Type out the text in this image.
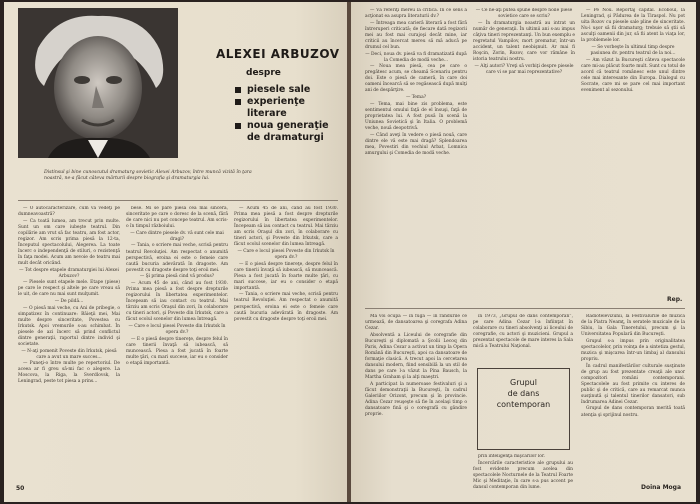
ALEXEI ARBUZOV
despre
piesele sale
experienţe literare
noua generaţie
de dramaturgi
Distinsul şi bine cunoscutul dramaturg sovietic Alexei Arbuzov, între muncă vizită în ţara noastră, ne-a făcut câteva mărturii despre biografia şi dramaturgia lui.

— O autocaracterizare, cum vă vedeţi pe dumneavoastră?

— Ca toată lumea, am trecut prin multe. Sunt un om care iubeşte teatrul. Din copilărie am vrut să fac teatru, am fost actor, regizor. Am scris prima piesă la 12-ta, Începutul spectacolului, Alegerea. La toate încerc o independenţă de stiluri, o rezistenţă în faţa modei. Acum am nevoie de teatru mai mult decât oricând.

— Tot despre etapele dramaturgiei lui Alexei Arbuzov?

— Piesele sunt etapele mele. Etape (piese) pe care le respect şi altele pe care vreau să le uit, de care nu mai sunt mulţumit.

— De pildă...

— O piesă mai veche, cu Ani de pribegie, o simpatizez în continuare: Băieţii mei, Mai multe despre sinceritate, Povestea cu Irkutsk. Apoi vremurile s-au schimbat. În piesele de azi încerc să prind conflictul dintre generaţii, raportul dintre individ şi societate.

— N-aţi pomenit Poveste din Irkutsk, piesă care a avut un mare succes...

— Puneţi-o între multe pe repertoriul. De aceea ar fi greu să-mi fac o alegere. La Moscova, la Riga, la Sverdlovsk, la Leningrad, peste tot piesa a prins...

bese. Mi se pare piesa cea mai sinceră, sinceritate pe care o doresc de la scenă, fără de care nici nu pot concepe teatrul. Am scris-o în timpul războiului.

— Care dintre piesele dv. vă sunt cele mai dragi?

— Tania, o scriere mai veche, scrisă pentru teatrul Revoluţiei. Am respectat o anumită perspectivă, eroina ei este o femeie care caută bucuria adevărată în dragoste. Am povestit cu dragoste despre toţi eroii mei.

— Şi prima piesă cind vă produs?

— Acum 45 de ani, când au fost 1930. Prima mea piesă a fost despre drepturile regizorului în libertatea experimentelor. Începeam să iau contact cu teatrul. Mai târziu am scris Oraşul din zori, în colaborare cu tineri actori, şi Poveste din Irkutsk, care a făcut ocolul scenelor din lumea întreagă.

— Care e locul piesei Poveste din Irkutsk în opera dv.?

— E o piesă despre tinereţe, despre felul în care tinerii învaţă să iubească, să muncească. Piesa a fost jucată în foarte multe ţări, cu mari succese, iar eu o consider o etapă importantă.

— Acum 45 de ani, când au fost 1930. Prima mea piesă a fost despre drepturile regizorului în libertatea experimentelor. Începeam să iau contact cu teatrul. Mai târziu am scris Oraşul din zori, în colaborare cu tineri actori, şi Poveste din Irkutsk, care a făcut ocolul scenelor din lumea întreagă.

— Care e locul piesei Poveste din Irkutsk în opera dv.?

— E o piesă despre tinereţe, despre felul în care tinerii învaţă să iubească, să muncească. Piesa a fost jucată în foarte multe ţări, cu mari succese, iar eu o consider o etapă importantă.

— Tania, o scriere mai veche, scrisă pentru teatrul Revoluţiei. Am respectat o anumită perspectivă, eroina ei este o femeie care caută bucuria adevărată în dragoste. Am povestit cu dragoste despre toţi eroii mei.

50

— Vă referiţi mereu la critică. În ce sens a acţionat ea asupra literaturii dv.?

— Întreaga mea carieră literară a fost fără întreruperi criticată; de fiecare dată regizorii mei au fost mai curajoşi decât mine, iar criticii au încercat mereu să mă aducă pe drumul cel bun.

— Deci, noua dv. piesă va fi dramatizată după la Comedia de modă veche...

— Noua mea piesă, cea pe care o pregătesc acum, se cheamă Scenariu pentru doi. Este o piesă de cameră, în care doi oameni încearcă să se regăsească după mulţi ani de despărţire.

— Tema?

— Tema, mai bine zis problema, este sentimentul omului faţă de el însuşi, faţă de proprietatea lui. A fost pusă în scenă la Uniunea Sovietică şi în Italia. O problemă veche, nouă deopotrivă.

— Când aveţi în vedere o piesă nouă, care dintre ele vă este mai dragă? Splendoarea mea, Povestiri din vechiul Arbat, Lomnica amurgului şi Comedia de modă veche.

— Ce ne-aţi putea spune despre noile piese sovietice care se scriu?

— În dramaturgia noastră au intrat un număr de generaţii. În ultimii ani s-au impus câţiva tineri reprezentanţi. Un bun exemplu e regretatul Vampilov, mort prematur, într-un accident, un talent neobişnuit. Ar mai fi Roşcin, Zorin, Rozov, care vor rămâne în istoria teatrului nostru.

— Alţi autori? Vreţi să vorbiţi despre piesele care vi se par mai reprezentative?

— Pe Nou. Reportaj capital. Ecoboul, la Leningrad, şi Pădurea de la Tiraspol. Nu pot uita Rozov cu piesele sale pline de sinceritate. Nu-i uşor să fii dramaturg; trebuie să ştii să asculţi oamenii din jur, să fii atent la viaţa lor, la problemele lor.

— Se vorbeşte în ultimul timp despre pasiunea dv. pentru teatrul de la noi...

— Am văzut la Bucureşti câteva spectacole care mi-au plăcut foarte mult. Sunt cu totul de acord că teatrul românesc este unul dintre cele mai interesante din Europa. Dialogul cu Socrate, care mi se pare cel mai important eveniment al sezonului.

Rep.

Mă voi ocupa — în fugă — în rândurile ce urmează, de dansatoarea şi coregrafa Adina Cezar.

Absolventă a Liceului de coregrafie din Bucureşti şi diplomată a Şcolii Lecoq din Paris, Adina Cezar a activat un timp la Opera Română din Bucureşti, apoi ca dansatoare de formaţie clasică. A trecut apoi la cercetarea dansului modern, fiind sensibilă la un stil de dans pe care l-a văzut la Pina Bausch, la Martha Graham şi la alţi maeştri.

A participat la numeroase festivaluri şi a făcut demonstraţii la Bucureşti, în cadrul Galeriilor Orizont, precum şi în provincie. Adina Cezar reuşeşte să fie în acelaşi timp o dansatoare fină şi o coregrafă cu gândire proprie.

în 1973, „Grupul de dans contemporan”, pe care Adina Cezar l-a înfiinţat în colaborare cu tineri absolvenţi ai liceului de coregrafie, cu actori şi muzicieni. Grupul a prezentat spectacole de mare interes la Sala mică a Teatrului Naţional.

Grupul
de dans
contemporan

prin inteligenţa mişcărilor lor.

Încercările caracteristice ale grupului au fost evidente precum acelea din spectacolele Nocturnele de la Teatrul Foarte Mic şi Meditaţie, în care s-a pus accent pe dansul contemporan din lume.

Radiotelevizunii, la Festivalurile de muzică de la Piatra Neamţ, în seratele muzicale de la Sibiu, la Gala Tineretului, precum şi la Universitatea Populară din Bucureşti.

Grupul s-a impus prin originalitatea spectacolelor, prin voinţa de a sintetiza gestul, muzica şi mişcarea într-un limbaj al dansului propriu.

În cadrul manifestărilor culturale susţinute de grup au fost prezentate creaţii ale unor compozitori români contemporani. Spectacolele au fost primite cu interes de public şi de critică, care au remarcat munca susţinută şi talentul tinerilor dansatori, sub îndrumarea Adinei Cezar.

Grupul de dans contemporan merită toată atenţia şi sprijinul nostru.

Doina Moga
